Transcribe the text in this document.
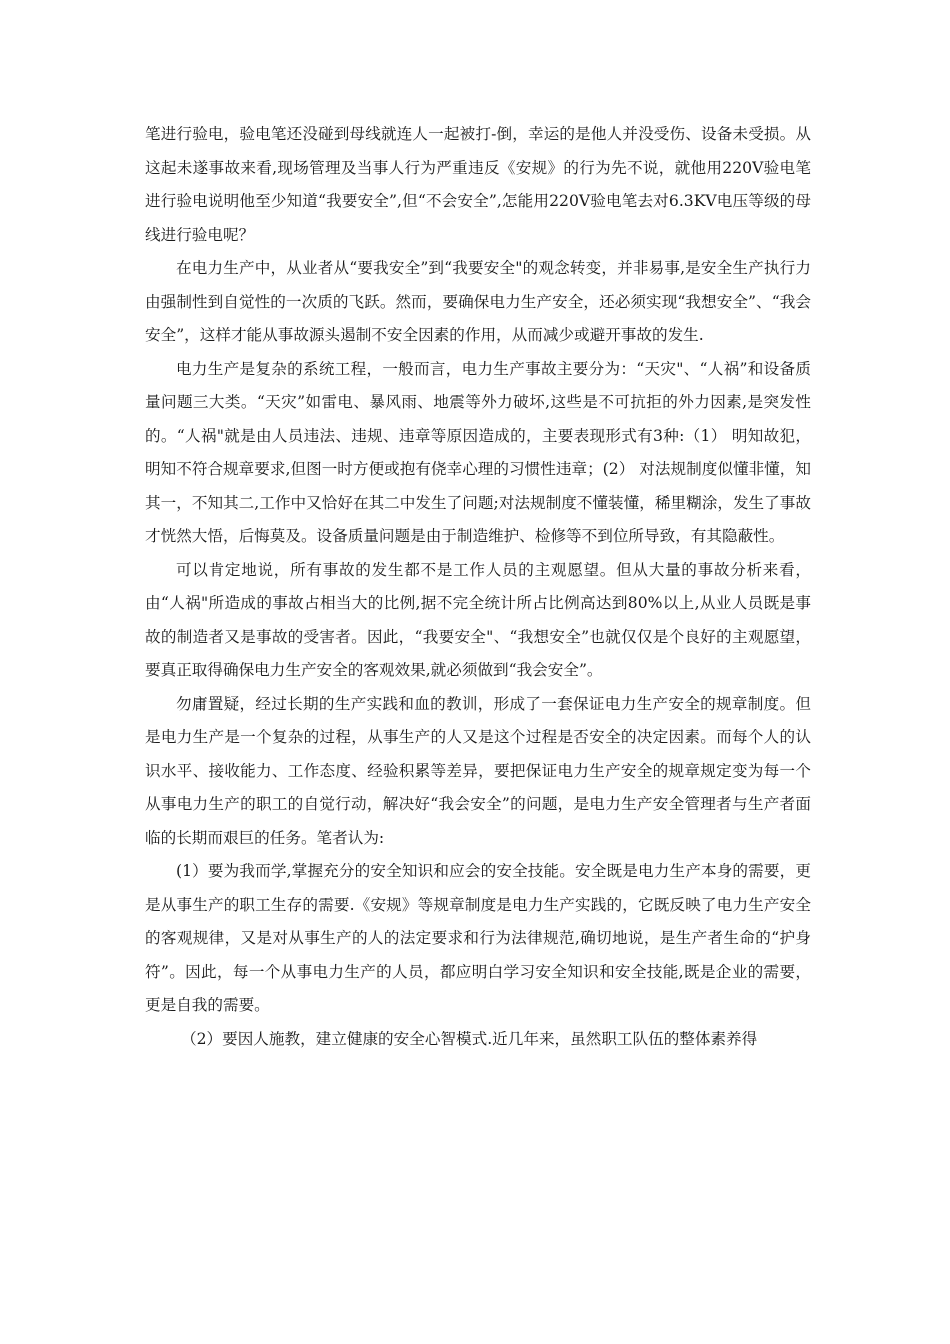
笔进行验电，验电笔还没碰到母线就连人一起被打-倒，幸运的是他人并没受伤、设备未受损。从这起未遂事故来看,现场管理及当事人行为严重违反《安规》的行为先不说，就他用220V验电笔进行验电说明他至少知道“我要安全”,但“不会安全”,怎能用220V验电笔去对6.3KV电压等级的母线进行验电呢？

在电力生产中，从业者从“要我安全”到“我要安全"的观念转变，并非易事,是安全生产执行力由强制性到自觉性的一次质的飞跃。然而，要确保电力生产安全，还必须实现“我想安全”、“我会安全”，这样才能从事故源头遏制不安全因素的作用，从而减少或避开事故的发生.

电力生产是复杂的系统工程，一般而言，电力生产事故主要分为：“天灾"、“人祸”和设备质量问题三大类。“天灾”如雷电、暴风雨、地震等外力破坏,这些是不可抗拒的外力因素,是突发性的。“人祸"就是由人员违法、违规、违章等原因造成的，主要表现形式有3种:（1） 明知故犯，明知不符合规章要求,但图一时方便或抱有侥幸心理的习惯性违章；(2） 对法规制度似懂非懂，知其一，不知其二,工作中又恰好在其二中发生了问题;对法规制度不懂装懂，稀里糊涂，发生了事故才恍然大悟，后悔莫及。设备质量问题是由于制造维护、检修等不到位所导致，有其隐蔽性。

可以肯定地说，所有事故的发生都不是工作人员的主观愿望。但从大量的事故分析来看，由“人祸"所造成的事故占相当大的比例,据不完全统计所占比例高达到80%以上,从业人员既是事故的制造者又是事故的受害者。因此，“我要安全"、“我想安全”也就仅仅是个良好的主观愿望，要真正取得确保电力生产安全的客观效果,就必须做到“我会安全”。

勿庸置疑，经过长期的生产实践和血的教训，形成了一套保证电力生产安全的规章制度。但是电力生产是一个复杂的过程，从事生产的人又是这个过程是否安全的决定因素。而每个人的认识水平、接收能力、工作态度、经验积累等差异，要把保证电力生产安全的规章规定变为每一个从事电力生产的职工的自觉行动，解决好“我会安全”的问题，是电力生产安全管理者与生产者面临的长期而艰巨的任务。笔者认为:

(1）要为我而学,掌握充分的安全知识和应会的安全技能。安全既是电力生产本身的需要，更是从事生产的职工生存的需要.《安规》等规章制度是电力生产实践的，它既反映了电力生产安全的客观规律，又是对从事生产的人的法定要求和行为法律规范,确切地说，是生产者生命的“护身符”。因此，每一个从事电力生产的人员，都应明白学习安全知识和安全技能,既是企业的需要，更是自我的需要。

（2）要因人施教，建立健康的安全心智模式.近几年来，虽然职工队伍的整体素养得
